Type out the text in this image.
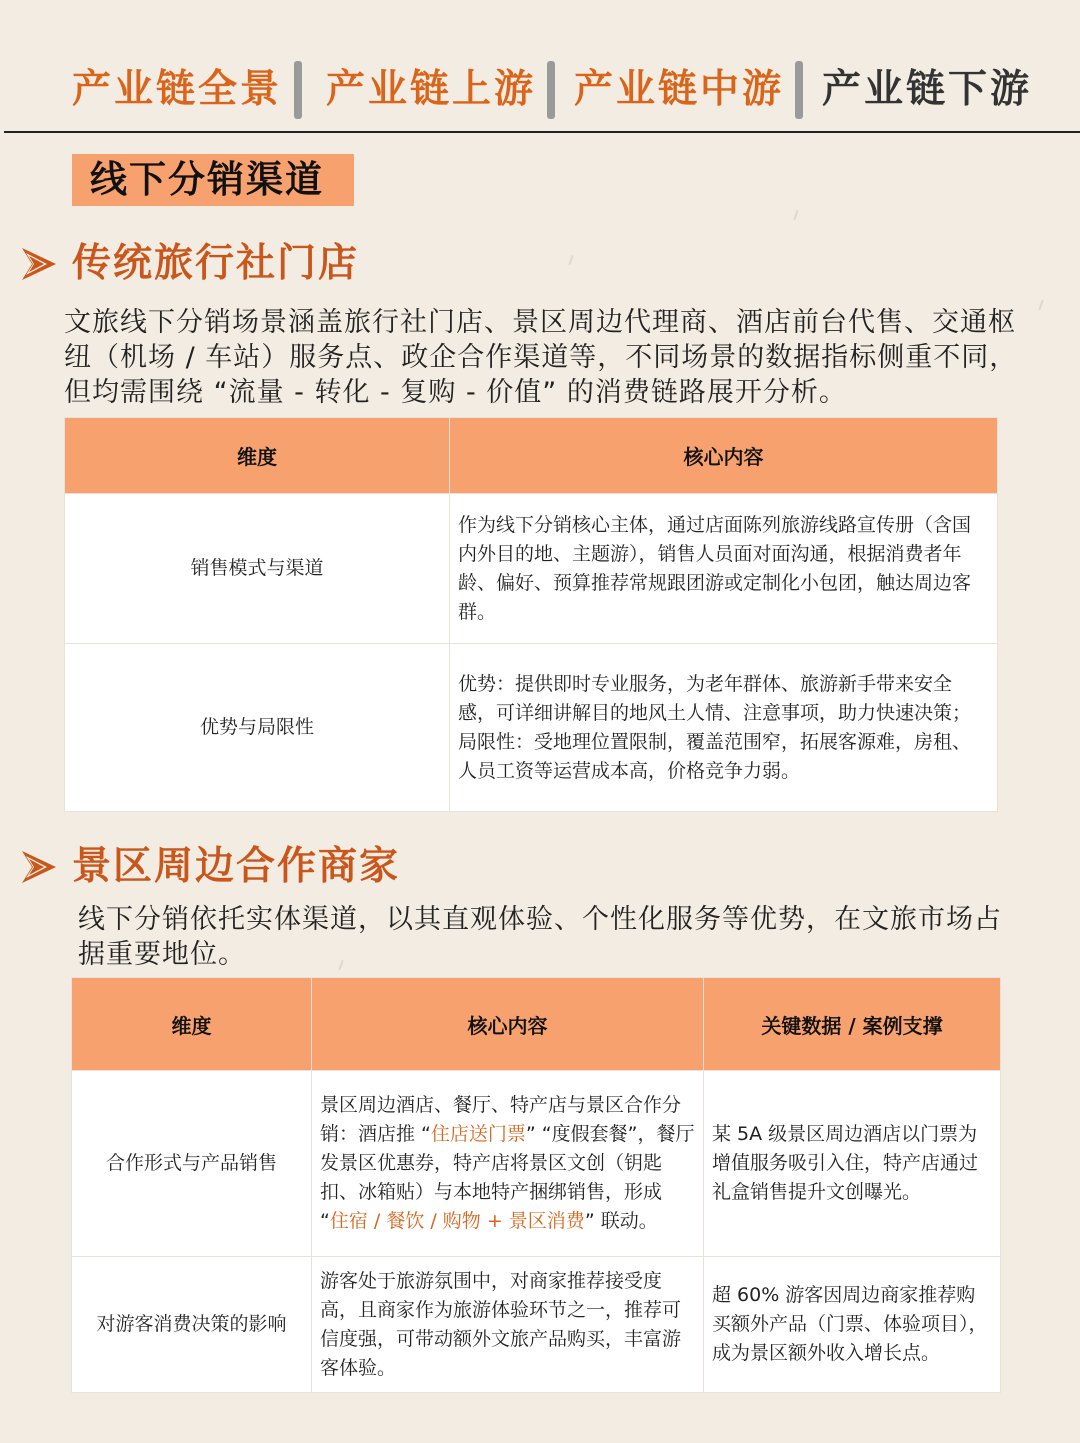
产业链全景 产业链上游 产业链中游 产业链下游
线下分销渠道
传统旅行社门店
文旅线下分销场景涵盖旅行社门店、景区周边代理商、酒店前台代售、交通枢纽（机场 / 车站）服务点、政企合作渠道等，不同场景的数据指标侧重不同，但均需围绕 “流量 - 转化 - 复购 - 价值” 的消费链路展开分析。
维度	核心内容
销售模式与渠道	作为线下分销核心主体，通过店面陈列旅游线路宣传册（含国内外目的地、主题游），销售人员面对面沟通，根据消费者年龄、偏好、预算推荐常规跟团游或定制化小包团，触达周边客群。
优势与局限性	优势：提供即时专业服务，为老年群体、旅游新手带来安全感，可详细讲解目的地风土人情、注意事项，助力快速决策； 局限性：受地理位置限制，覆盖范围窄，拓展客源难，房租、人员工资等运营成本高，价格竞争力弱。
景区周边合作商家
线下分销依托实体渠道，以其直观体验、个性化服务等优势，在文旅市场占据重要地位。
维度	核心内容	关键数据 / 案例支撑
合作形式与产品销售	景区周边酒店、餐厅、特产店与景区合作分销：酒店推 “住店送门票” “度假套餐”，餐厅发景区优惠券，特产店将景区文创（钥匙扣、冰箱贴）与本地特产捆绑销售，形成 “住宿 / 餐饮 / 购物 + 景区消费” 联动。	某 5A 级景区周边酒店以门票为增值服务吸引入住，特产店通过礼盒销售提升文创曝光。
对游客消费决策的影响	游客处于旅游氛围中，对商家推荐接受度高，且商家作为旅游体验环节之一，推荐可信度强，可带动额外文旅产品购买，丰富游客体验。	超 60% 游客因周边商家推荐购买额外产品（门票、体验项目），成为景区额外收入增长点。
